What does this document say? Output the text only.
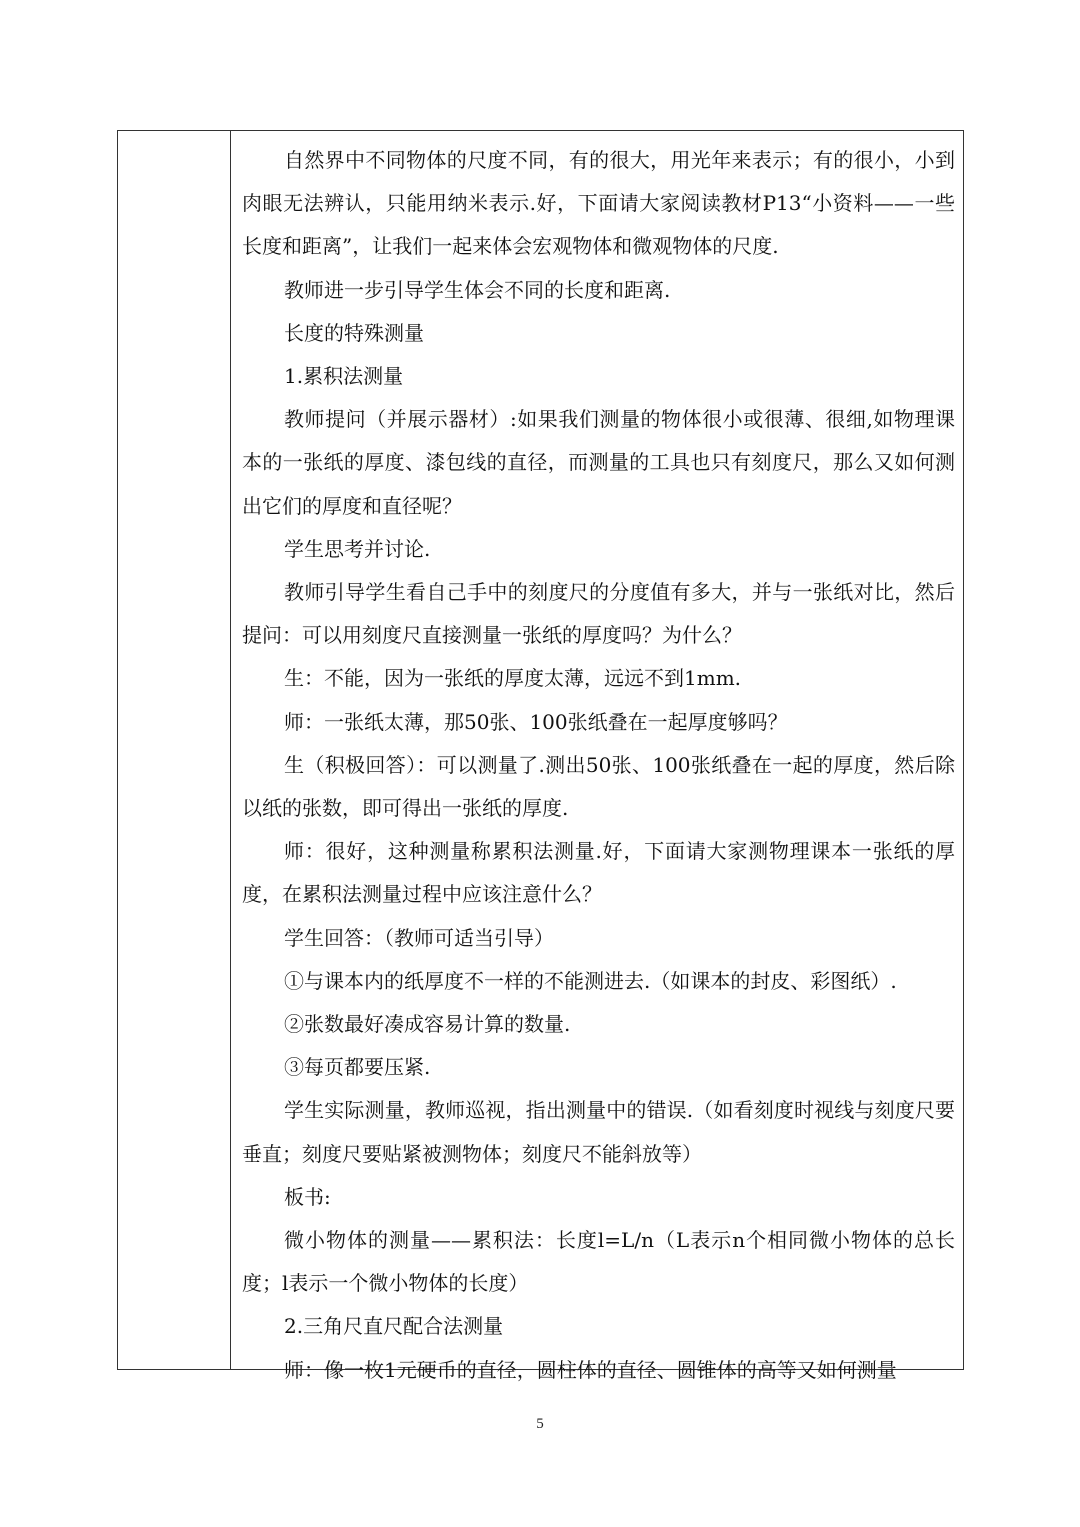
自然界中不同物体的尺度不同，有的很大，用光年来表示；有的很小，小到肉眼无法辨认，只能用纳米表示.好，下面请大家阅读教材P13“小资料——一些长度和距离”，让我们一起来体会宏观物体和微观物体的尺度.

教师进一步引导学生体会不同的长度和距离.

长度的特殊测量

1.累积法测量

教师提问（并展示器材）:如果我们测量的物体很小或很薄、很细,如物理课本的一张纸的厚度、漆包线的直径，而测量的工具也只有刻度尺，那么又如何测出它们的厚度和直径呢？

学生思考并讨论.

教师引导学生看自己手中的刻度尺的分度值有多大，并与一张纸对比，然后提问：可以用刻度尺直接测量一张纸的厚度吗？为什么？

生：不能，因为一张纸的厚度太薄，远远不到1mm.

师：一张纸太薄，那50张、100张纸叠在一起厚度够吗？

生（积极回答）：可以测量了.测出50张、100张纸叠在一起的厚度，然后除以纸的张数，即可得出一张纸的厚度.

师：很好，这种测量称累积法测量.好，下面请大家测物理课本一张纸的厚度，在累积法测量过程中应该注意什么？

学生回答：（教师可适当引导）

①与课本内的纸厚度不一样的不能测进去.（如课本的封皮、彩图纸）.

②张数最好凑成容易计算的数量.

③每页都要压紧.

学生实际测量，教师巡视，指出测量中的错误.（如看刻度时视线与刻度尺要垂直；刻度尺要贴紧被测物体；刻度尺不能斜放等）

板书:

微小物体的测量——累积法：长度l=L/n（L表示n个相同微小物体的总长度；l表示一个微小物体的长度）

2.三角尺直尺配合法测量

师：像一枚1元硬币的直径，圆柱体的直径、圆锥体的高等又如何测量

5
